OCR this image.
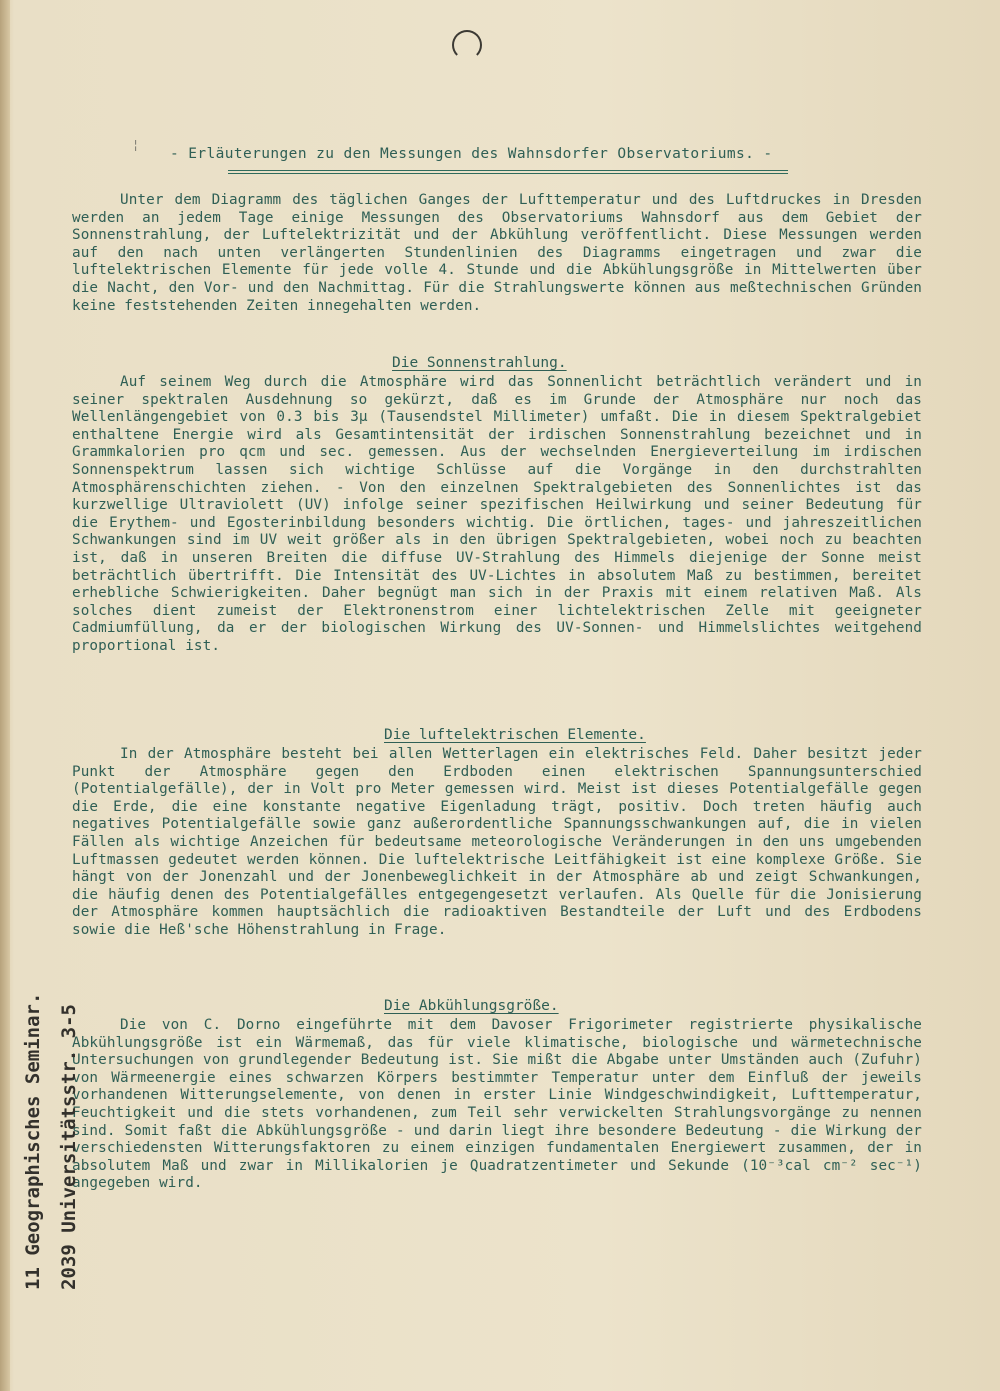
¦
- Erläuterungen zu den Messungen des Wahnsdorfer Observatoriums. -
Unter dem Diagramm des täglichen Ganges der Lufttemperatur und des Luftdruckes in Dresden werden an jedem Tage einige Messungen des Observatoriums Wahnsdorf aus dem Gebiet der Sonnenstrahlung, der Luftelektrizität und der Abkühlung veröffentlicht. Diese Messungen werden auf den nach unten verlängerten Stundenlinien des Diagramms eingetragen und zwar die luftelektrischen Elemente für jede volle 4. Stunde und die Abkühlungsgröße in Mittelwerten über die Nacht, den Vor- und den Nachmittag. Für die Strahlungswerte können aus meßtechnischen Gründen keine feststehenden Zeiten innegehalten werden.
Die Sonnenstrahlung.
Auf seinem Weg durch die Atmosphäre wird das Sonnenlicht beträchtlich verändert und in seiner spektralen Ausdehnung so gekürzt, daß es im Grunde der Atmosphäre nur noch das Wellenlängengebiet von 0.3 bis 3μ (Tausendstel Millimeter) umfaßt. Die in diesem Spektralgebiet enthaltene Energie wird als Gesamtintensität der irdischen Sonnenstrahlung bezeichnet und in Grammkalorien pro qcm und sec. gemessen. Aus der wechselnden Energieverteilung im irdischen Sonnenspektrum lassen sich wichtige Schlüsse auf die Vorgänge in den durchstrahlten Atmosphärenschichten ziehen. - Von den einzelnen Spektralgebieten des Sonnenlichtes ist das kurzwellige Ultraviolett (UV) infolge seiner spezifischen Heilwirkung und seiner Bedeutung für die Erythem- und Egosterinbildung besonders wichtig. Die örtlichen, tages- und jahreszeitlichen Schwankungen sind im UV weit größer als in den übrigen Spektralgebieten, wobei noch zu beachten ist, daß in unseren Breiten die diffuse UV-Strahlung des Himmels diejenige der Sonne meist beträchtlich übertrifft. Die Intensität des UV-Lichtes in absolutem Maß zu bestimmen, bereitet erhebliche Schwierigkeiten. Daher begnügt man sich in der Praxis mit einem relativen Maß. Als solches dient zumeist der Elektronenstrom einer lichtelektrischen Zelle mit geeigneter Cadmiumfüllung, da er der biologischen Wirkung des UV-Sonnen- und Himmelslichtes weitgehend proportional ist.
Die luftelektrischen Elemente.
In der Atmosphäre besteht bei allen Wetterlagen ein elektrisches Feld. Daher besitzt jeder Punkt der Atmosphäre gegen den Erdboden einen elektrischen Spannungsunterschied (Potentialgefälle), der in Volt pro Meter gemessen wird. Meist ist dieses Potentialgefälle gegen die Erde, die eine konstante negative Eigenladung trägt, positiv. Doch treten häufig auch negatives Potentialgefälle sowie ganz außerordentliche Spannungsschwankungen auf, die in vielen Fällen als wichtige Anzeichen für bedeutsame meteorologische Veränderungen in den uns umgebenden Luftmassen gedeutet werden können. Die luftelektrische Leitfähigkeit ist eine komplexe Größe. Sie hängt von der Jonenzahl und der Jonenbeweglichkeit in der Atmosphäre ab und zeigt Schwankungen, die häufig denen des Potentialgefälles entgegengesetzt verlaufen. Als Quelle für die Jonisierung der Atmosphäre kommen hauptsächlich die radioaktiven Bestandteile der Luft und des Erdbodens sowie die Heß'sche Höhenstrahlung in Frage.
Die Abkühlungsgröße.
Die von C. Dorno eingeführte mit dem Davoser Frigorimeter registrierte physikalische Abkühlungsgröße ist ein Wärmemaß, das für viele klimatische, biologische und wärmetechnische Untersuchungen von grundlegender Bedeutung ist. Sie mißt die Abgabe unter Umständen auch (Zufuhr) von Wärmeenergie eines schwarzen Körpers bestimmter Temperatur unter dem Einfluß der jeweils vorhandenen Witterungselemente, von denen in erster Linie Windgeschwindigkeit, Lufttemperatur, Feuchtigkeit und die stets vorhandenen, zum Teil sehr verwickelten Strahlungsvorgänge zu nennen sind. Somit faßt die Abkühlungsgröße - und darin liegt ihre besondere Bedeutung - die Wirkung der verschiedensten Witterungsfaktoren zu einem einzigen fundamentalen Energiewert zusammen, der in absolutem Maß und zwar in Millikalorien je Quadratzentimeter und Sekunde (10⁻³cal cm⁻² sec⁻¹) angegeben wird.
11 Geographisches Seminar. 2039 Universitätsstr. 3-5
